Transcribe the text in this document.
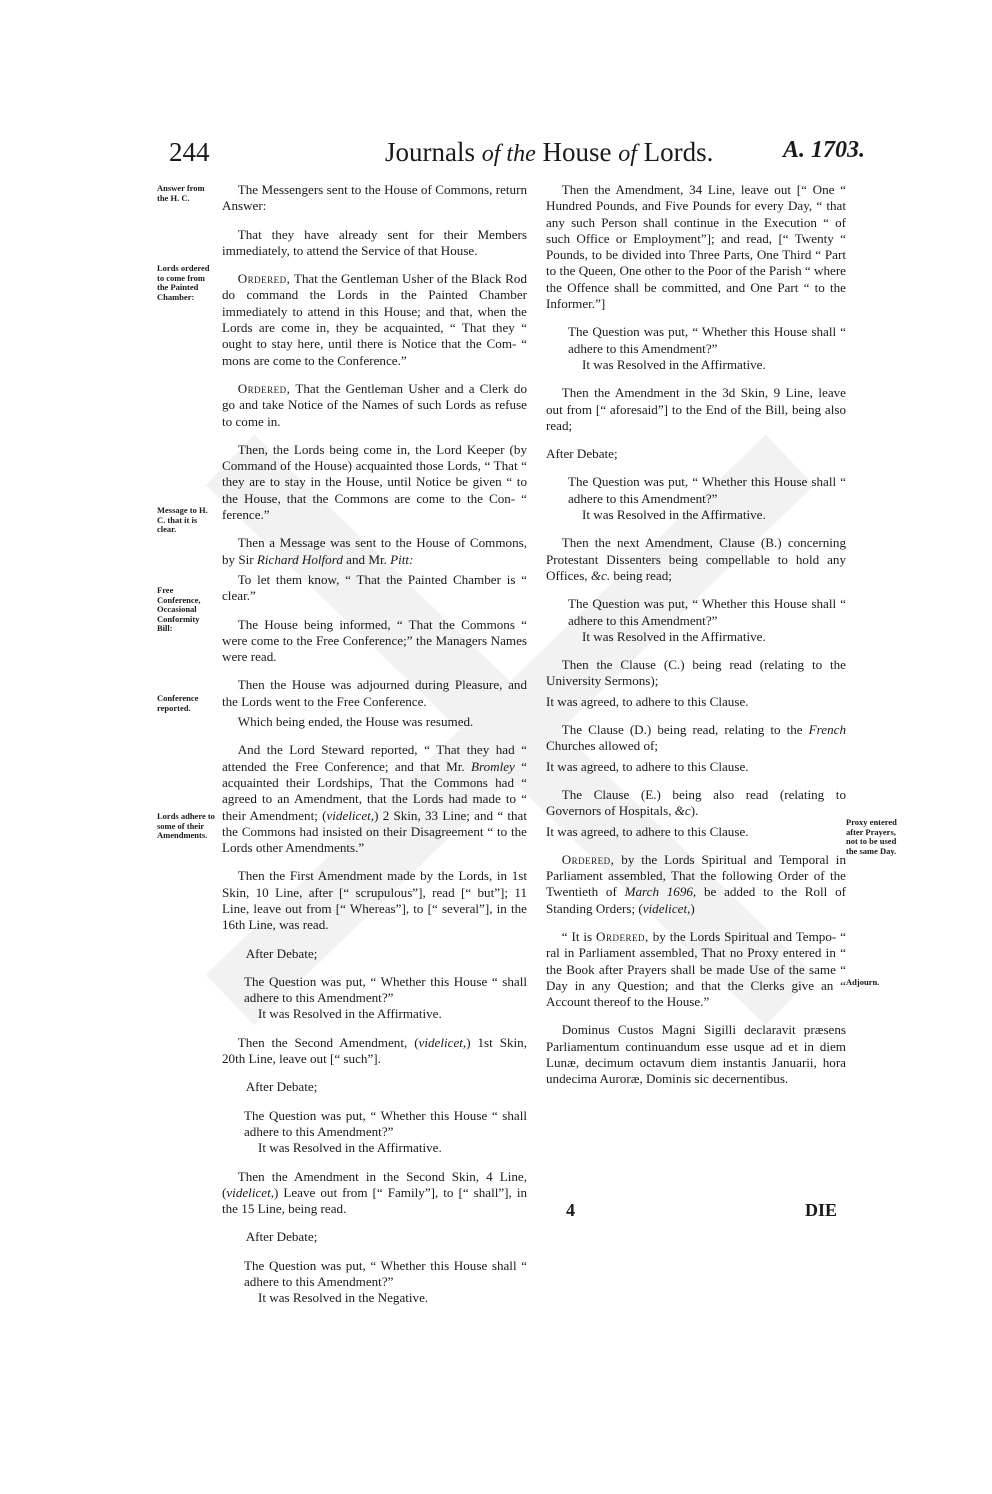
244	Journals of the House of Lords.	A. 1703.
Answer from the H. C.
Lords ordered to come from the Painted Chamber:
Message to H. C. that it is clear.
Free Conference, Occasional Conformity Bill:
Conference reported.
Lords adhere to some of their Amendments.
Proxy entered after Prayers, not to be used the same Day.
Adjourn.

The Messengers sent to the House of Commons, return Answer:

That they have already sent for their Members immediately, to attend the Service of that House.

Ordered, That the Gentleman Usher of the Black Rod do command the Lords in the Painted Chamber immediately to attend in this House; and that, when the Lords are come in, they be acquainted, “ That they “ ought to stay here, until there is Notice that the Com- “ mons are come to the Conference.”

Ordered, That the Gentleman Usher and a Clerk do go and take Notice of the Names of such Lords as refuse to come in.

Then, the Lords being come in, the Lord Keeper (by Command of the House) acquainted those Lords, “ That “ they are to stay in the House, until Notice be given “ to the House, that the Commons are come to the Con- “ ference.”

Then a Message was sent to the House of Commons, by Sir Richard Holford and Mr. Pitt:

To let them know, “ That the Painted Chamber is “ clear.”

The House being informed, “ That the Commons “ were come to the Free Conference;” the Managers Names were read.

Then the House was adjourned during Pleasure, and the Lords went to the Free Conference.

Which being ended, the House was resumed.

And the Lord Steward reported, “ That they had “ attended the Free Conference; and that Mr. Bromley “ acquainted their Lordships, That the Commons had “ agreed to an Amendment, that the Lords had made to “ their Amendment; (videlicet,) 2 Skin, 33 Line; and “ that the Commons had insisted on their Disagreement “ to the Lords other Amendments.”

Then the First Amendment made by the Lords, in 1st Skin, 10 Line, after [“ scrupulous”], read [“ but”]; 11 Line, leave out from [“ Whereas”], to [“ several”], in the 16th Line, was read.

After Debate;

The Question was put, “ Whether this House “ shall adhere to this Amendment?”
It was Resolved in the Affirmative.

Then the Second Amendment, (videlicet,) 1st Skin, 20th Line, leave out [“ such”].

After Debate;

The Question was put, “ Whether this House “ shall adhere to this Amendment?”
It was Resolved in the Affirmative.

Then the Amendment in the Second Skin, 4 Line, (videlicet,) Leave out from [“ Family”], to [“ shall”], in the 15 Line, being read.

After Debate;

The Question was put, “ Whether this House shall “ adhere to this Amendment?”
It was Resolved in the Negative.

Then the Amendment, 34 Line, leave out [“ One “ Hundred Pounds, and Five Pounds for every Day, “ that any such Person shall continue in the Execution “ of such Office or Employment”]; and read, [“ Twenty “ Pounds, to be divided into Three Parts, One Third “ Part to the Queen, One other to the Poor of the Parish “ where the Offence shall be committed, and One Part “ to the Informer.”]

The Question was put, “ Whether this House shall “ adhere to this Amendment?”
It was Resolved in the Affirmative.

Then the Amendment in the 3d Skin, 9 Line, leave out from [“ aforesaid”] to the End of the Bill, being also read;

After Debate;

The Question was put, “ Whether this House shall “ adhere to this Amendment?”
It was Resolved in the Affirmative.

Then the next Amendment, Clause (B.) concerning Protestant Dissenters being compellable to hold any Offices, &c. being read;

The Question was put, “ Whether this House shall “ adhere to this Amendment?”
It was Resolved in the Affirmative.

Then the Clause (C.) being read (relating to the University Sermons);

It was agreed, to adhere to this Clause.

The Clause (D.) being read, relating to the French Churches allowed of;

It was agreed, to adhere to this Clause.

The Clause (E.) being also read (relating to Governors of Hospitals, &c).

It was agreed, to adhere to this Clause.

Ordered, by the Lords Spiritual and Temporal in Parliament assembled, That the following Order of the Twentieth of March 1696, be added to the Roll of Standing Orders; (videlicet,)

“ It is Ordered, by the Lords Spiritual and Tempo- “ ral in Parliament assembled, That no Proxy entered in “ the Book after Prayers shall be made Use of the same “ Day in any Question; and that the Clerks give an “ Account thereof to the House.”

Dominus Custos Magni Sigilli declaravit præsens Parliamentum continuandum esse usque ad et in diem Lunæ, decimum octavum diem instantis Januarii, hora undecima Auroræ, Dominis sic decernentibus.

4	DIE
